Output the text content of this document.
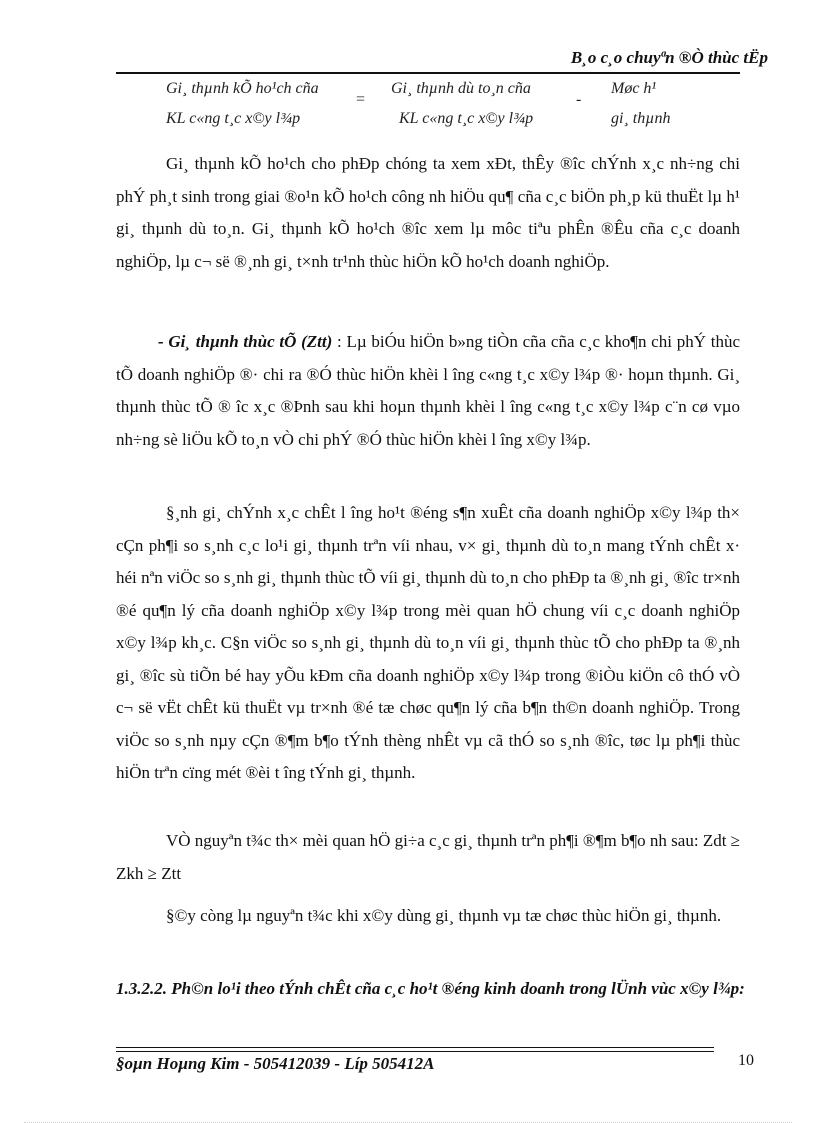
B¸o c¸o chuyªn ®Ò thùc tËp
Gi¸ thµnh kÕ ho¹ch cña
KL c«ng t¸c x©y l¾p
=
Gi¸ thµnh dù to¸n cña
KL c«ng t¸c x©y l¾p
-
Møc h¹
gi¸ thµnh

Gi¸ thµnh kÕ ho¹ch cho phÐp chóng ta xem xÐt, thÊy ®îc chÝnh x¸c nh÷ng chi phÝ ph¸t sinh trong giai ®o¹n kÕ ho¹ch công nh hiÖu qu¶ cña c¸c biÖn ph¸p kü thuËt lµ h¹ gi¸ thµnh dù to¸n. Gi¸ thµnh kÕ ho¹ch ®îc xem lµ môc tiªu phÊn ®Êu cña c¸c doanh nghiÖp, lµ c¬ së ®¸nh gi¸ t×nh tr¹nh thùc hiÖn kÕ ho¹ch doanh nghiÖp.

- Gi¸ thµnh thùc tÕ (Ztt) : Lµ biÓu hiÖn b»ng tiÒn cña cña c¸c kho¶n chi phÝ thùc tÕ doanh nghiÖp ®· chi ra ®Ó thùc hiÖn khèi l îng c«ng t¸c x©y l¾p ®· hoµn thµnh. Gi¸ thµnh thùc tÕ ® îc x¸c ®Þnh sau khi hoµn thµnh khèi l îng c«ng t¸c x©y l¾p c¨n cø vµo nh÷ng sè liÖu kÕ to¸n vÒ chi phÝ ®Ó thùc hiÖn khèi l îng x©y l¾p.

§¸nh gi¸ chÝnh x¸c chÊt l îng ho¹t ®éng s¶n xuÊt cña doanh nghiÖp x©y l¾p th× cÇn ph¶i so s¸nh c¸c lo¹i gi¸ thµnh trªn víi nhau, v× gi¸ thµnh dù to¸n mang tÝnh chÊt x· héi nªn viÖc so s¸nh gi¸ thµnh thùc tÕ víi gi¸ thµnh dù to¸n cho phÐp ta ®¸nh gi¸ ®îc tr×nh ®é qu¶n lý cña doanh nghiÖp x©y l¾p trong mèi quan hÖ chung víi c¸c doanh nghiÖp x©y l¾p kh¸c. C§n viÖc so s¸nh gi¸ thµnh dù to¸n víi gi¸ thµnh thùc tÕ cho phÐp ta ®¸nh gi¸ ®îc sù tiÕn bé hay yÕu kÐm cña doanh nghiÖp x©y l¾p trong ®iÒu kiÖn cô thÓ vÒ c¬ së vËt chÊt kü thuËt vµ tr×nh ®é tæ chøc qu¶n lý cña b¶n th©n doanh nghiÖp. Trong viÖc so s¸nh nµy cÇn ®¶m b¶o tÝnh thèng nhÊt vµ cã thÓ so s¸nh ®îc, tøc lµ ph¶i thùc hiÖn trªn cïng mét ®èi t îng tÝnh gi¸ thµnh.

VÒ nguyªn t¾c th× mèi quan hÖ gi÷a c¸c gi¸ thµnh trªn ph¶i ®¶m b¶o nh sau: Zdt ≥ Zkh ≥ Ztt

§©y còng lµ nguyªn t¾c khi x©y dùng gi¸ thµnh vµ tæ chøc thùc hiÖn gi¸ thµnh.

1.3.2.2. Ph©n lo¹i theo tÝnh chÊt cña c¸c ho¹t ®éng kinh doanh trong lÜnh vùc x©y l¾p:

§oµn Hoµng Kim - 505412039 - Líp 505412A	10
